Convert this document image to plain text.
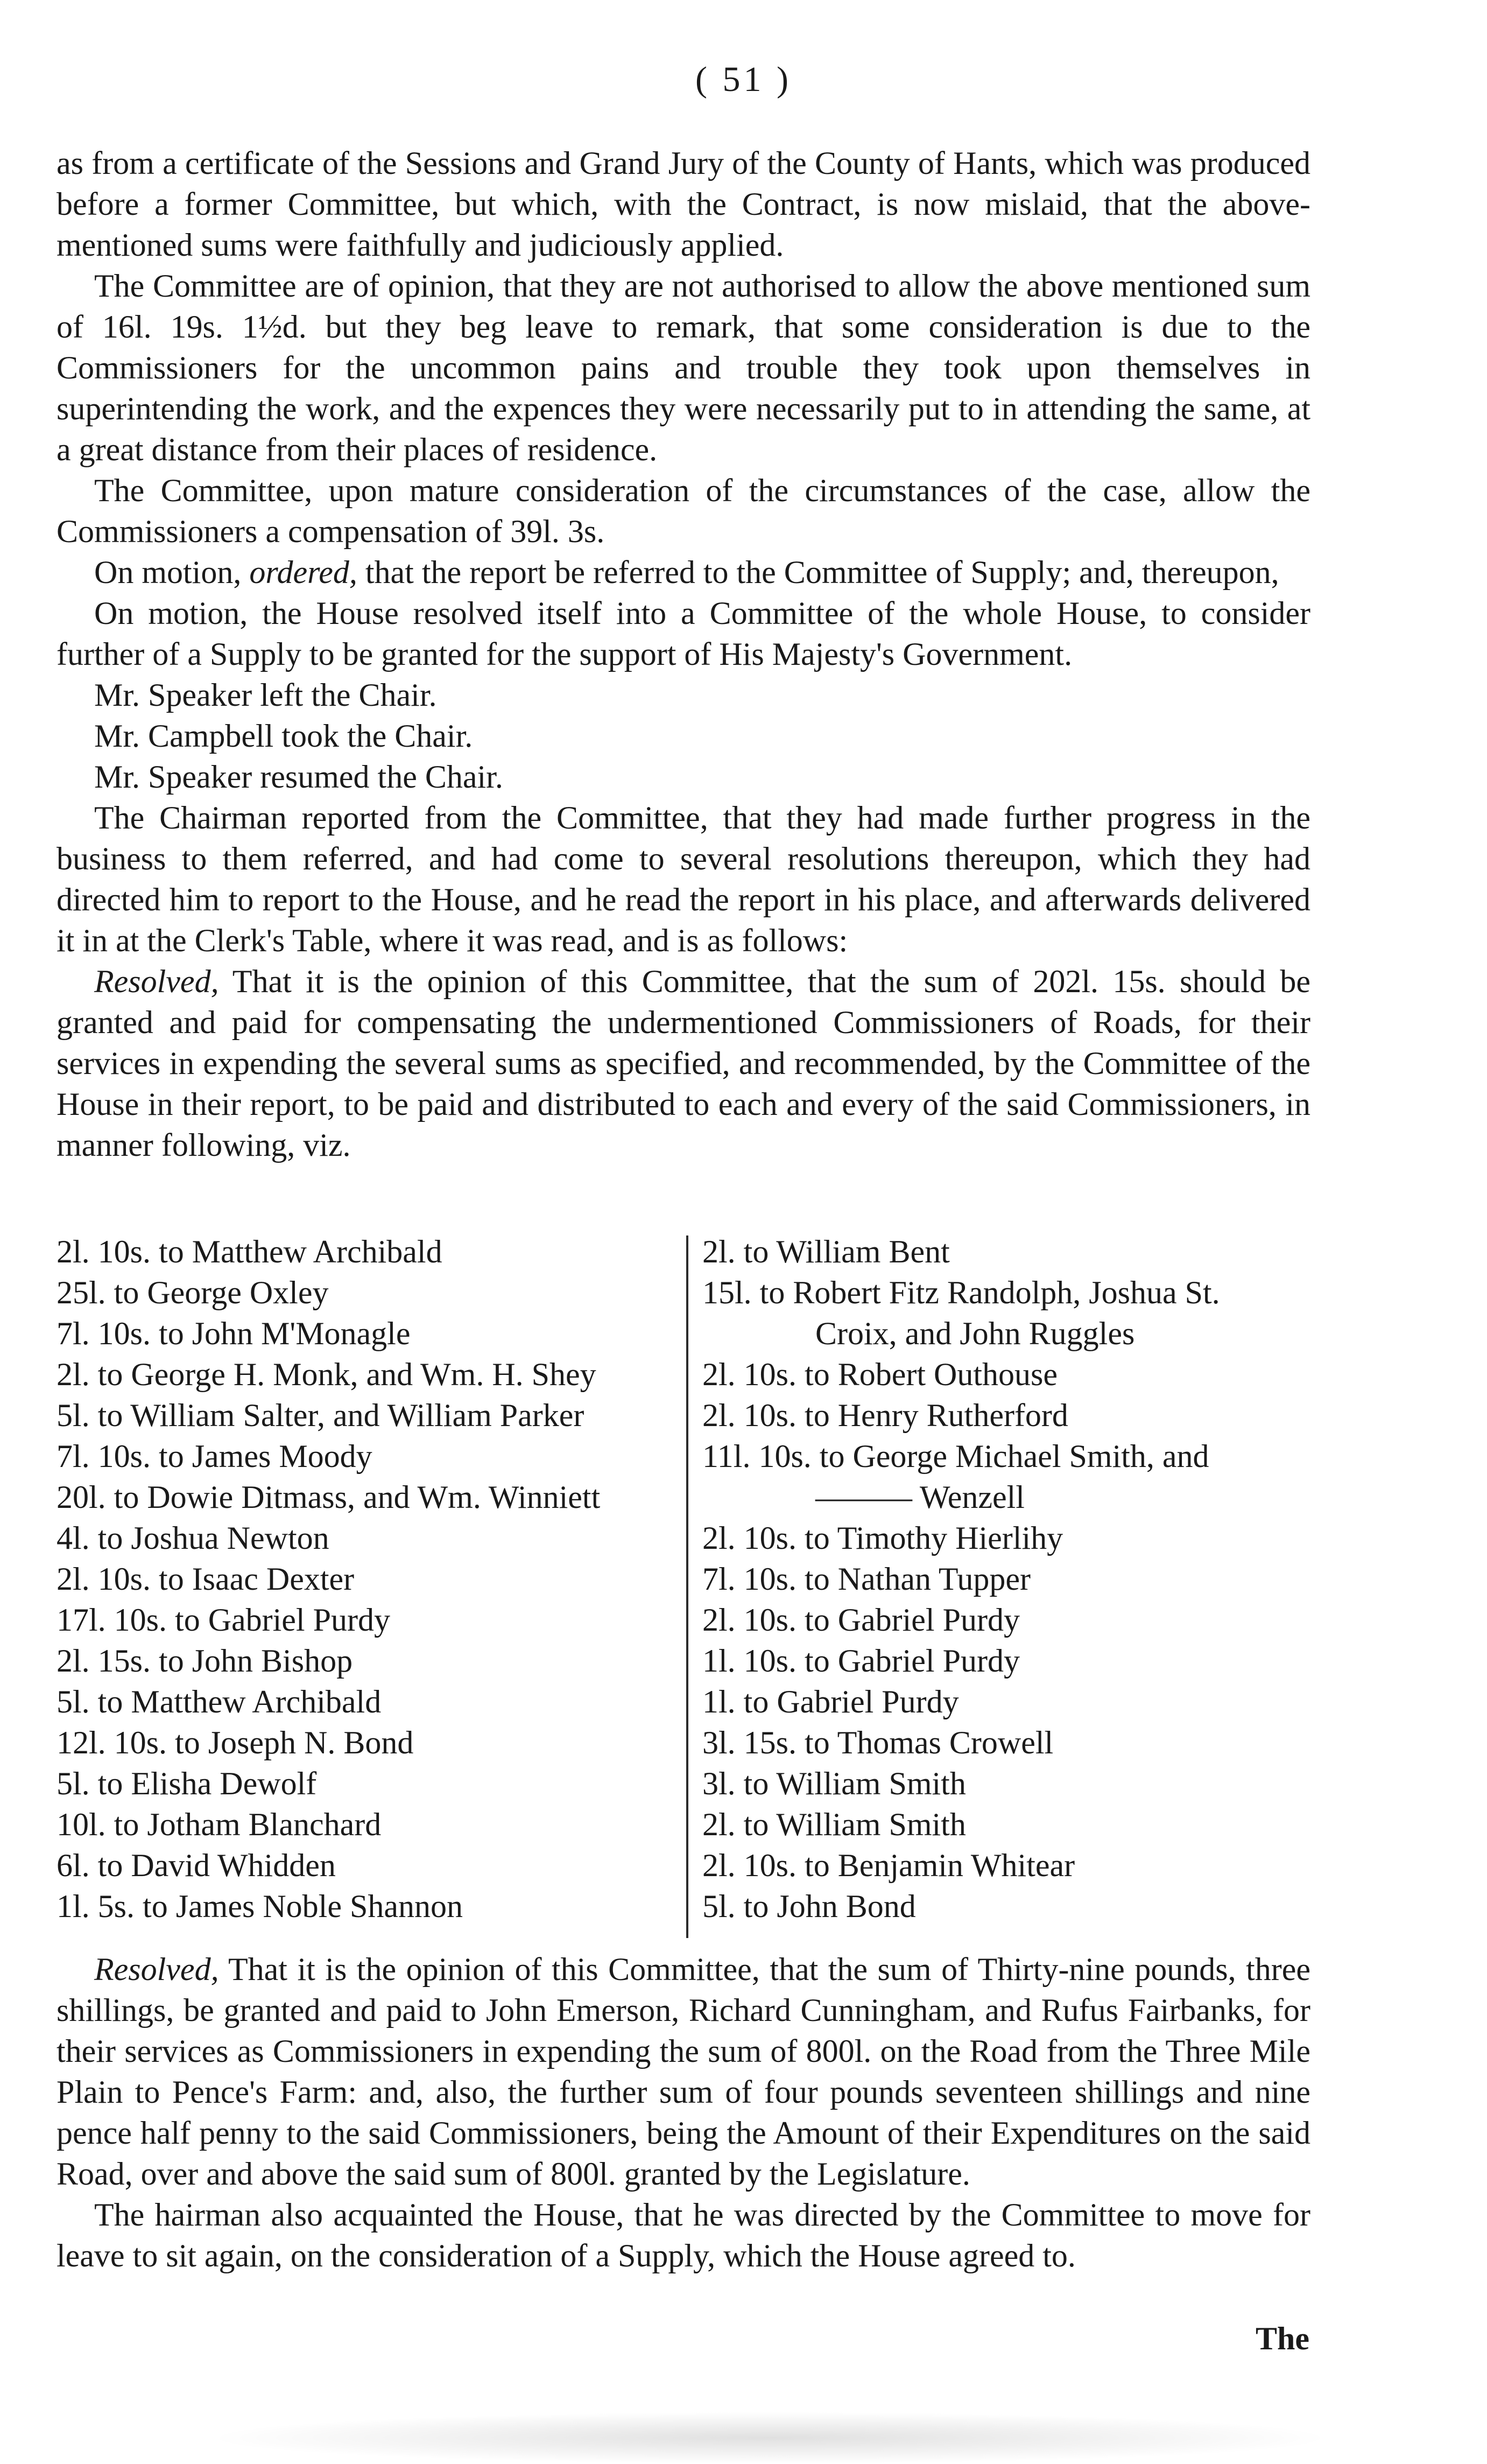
( 51 )

as from a certificate of the Sessions and Grand Jury of the County of Hants, which was produced before a former Committee, but which, with the Contract, is now mislaid, that the above-mentioned sums were faithfully and judiciously applied.

The Committee are of opinion, that they are not authorised to allow the above mentioned sum of 16l. 19s. 1½d. but they beg leave to remark, that some consideration is due to the Commissioners for the uncommon pains and trouble they took upon themselves in superintending the work, and the expences they were necessarily put to in attending the same, at a great distance from their places of residence.

The Committee, upon mature consideration of the circumstances of the case, allow the Commissioners a compensation of 39l. 3s.

On motion, ordered, that the report be referred to the Committee of Supply; and, thereupon,

On motion, the House resolved itself into a Committee of the whole House, to consider further of a Supply to be granted for the support of His Majesty's Government.

Mr. Speaker left the Chair.

Mr. Campbell took the Chair.

Mr. Speaker resumed the Chair.

The Chairman reported from the Committee, that they had made further progress in the business to them referred, and had come to several resolutions thereupon, which they had directed him to report to the House, and he read the report in his place, and afterwards delivered it in at the Clerk's Table, where it was read, and is as follows:

Resolved, That it is the opinion of this Committee, that the sum of 202l. 15s. should be granted and paid for compensating the undermentioned Commissioners of Roads, for their services in expending the several sums as specified, and recommended, by the Committee of the House in their report, to be paid and distributed to each and every of the said Commissioners, in manner following, viz.

2l. 10s. to Matthew Archibald
25l. to George Oxley
7l. 10s. to John M'Monagle
2l. to George H. Monk, and Wm. H. Shey
5l. to William Salter, and William Parker
7l. 10s. to James Moody
20l. to Dowie Ditmass, and Wm. Winniett
4l. to Joshua Newton
2l. 10s. to Isaac Dexter
17l. 10s. to Gabriel Purdy
2l. 15s. to John Bishop
5l. to Matthew Archibald
12l. 10s. to Joseph N. Bond
5l. to Elisha Dewolf
10l. to Jotham Blanchard
6l. to David Whidden
1l. 5s. to James Noble Shannon
2l. to William Bent
15l. to Robert Fitz Randolph, Joshua St.
Croix, and John Ruggles
2l. 10s. to Robert Outhouse
2l. 10s. to Henry Rutherford
11l. 10s. to George Michael Smith, and
——— Wenzell
2l. 10s. to Timothy Hierlihy
7l. 10s. to Nathan Tupper
2l. 10s. to Gabriel Purdy
1l. 10s. to Gabriel Purdy
1l. to Gabriel Purdy
3l. 15s. to Thomas Crowell
3l. to William Smith
2l. to William Smith
2l. 10s. to Benjamin Whitear
5l. to John Bond

Resolved, That it is the opinion of this Committee, that the sum of Thirty-nine pounds, three shillings, be granted and paid to John Emerson, Richard Cunningham, and Rufus Fairbanks, for their services as Commissioners in expending the sum of 800l. on the Road from the Three Mile Plain to Pence's Farm: and, also, the further sum of four pounds seventeen shillings and nine pence half penny to the said Commissioners, being the Amount of their Expenditures on the said Road, over and above the said sum of 800l. granted by the Legislature.

The hairman also acquainted the House, that he was directed by the Committee to move for leave to sit again, on the consideration of a Supply, which the House agreed to.

The
